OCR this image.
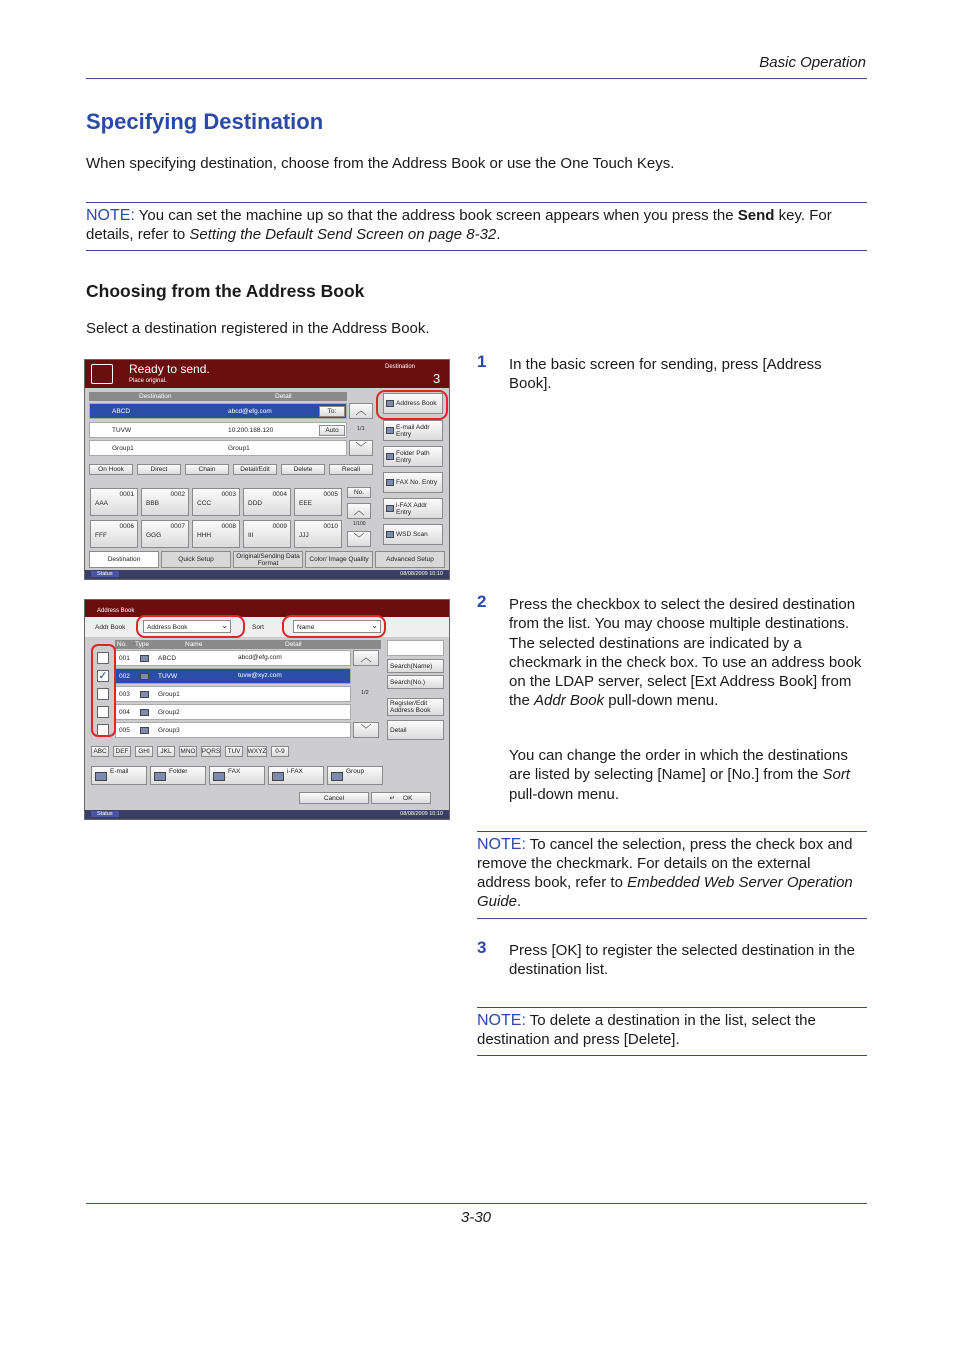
Basic Operation
Specifying Destination
When specifying destination, choose from the Address Book or use the One Touch Keys.
NOTE: You can set the machine up so that the address book screen appears when you press the Send key. For details, refer to Setting the Default Send Screen on page 8-32.
Choosing from the Address Book
Select a destination registered in the Address Book.
Ready to send.
Place original.
Destination
3
Destination	Detail
ABCD	abcd@efg.com	To:
TUVW	10.200.188.120	Auto
Group1	Group1
︿
1/1
﹀
On Hook	Direct	Chain	Detail/Edit	Delete	Recall
0001
AAA
0002
BBB
0003
CCC
0004
DDD
0005
EEE
0006
FFF
0007
GGG
0008
HHH
0009
III
0010
JJJ
No.
︿
1/100
﹀
Address Book
E-mail Addr Entry
Folder Path Entry
FAX No. Entry
i-FAX Addr Entry
WSD Scan
Destination	Quick Setup	Original/Sending Data Format	Color/ Image Quality	Advanced Setup
Status	08/08/2009 10:10
Address Book
Addr Book	Address Book	⌄	Sort	Name	⌄
No. Type	Name	Detail
001	ABCD	abcd@efg.com
✓ 002	TUVW	tuvw@xyz.com
003	Group1
004	Group2
005	Group3
︿
1/2
﹀
Search(Name)
Search(No.)
Register/Edit Address Book
Detail
ABC	DEF	GHI	JKL	MNO PQRS	TUV	WXYZ	0-9
E-mail	Folder	FAX	i-FAX	Group
Cancel	↵ OK
Status	08/08/2009 10:10
1 In the basic screen for sending, press [Address Book].
2 Press the checkbox to select the desired destination from the list. You may choose multiple destinations. The selected destinations are indicated by a checkmark in the check box. To use an address book on the LDAP server, select [Ext Address Book] from the Addr Book pull-down menu.
You can change the order in which the destinations are listed by selecting [Name] or [No.] from the Sort pull-down menu.
NOTE: To cancel the selection, press the check box and remove the checkmark. For details on the external address book, refer to Embedded Web Server Operation Guide.
3 Press [OK] to register the selected destination in the destination list.
NOTE: To delete a destination in the list, select the destination and press [Delete].
3-30
